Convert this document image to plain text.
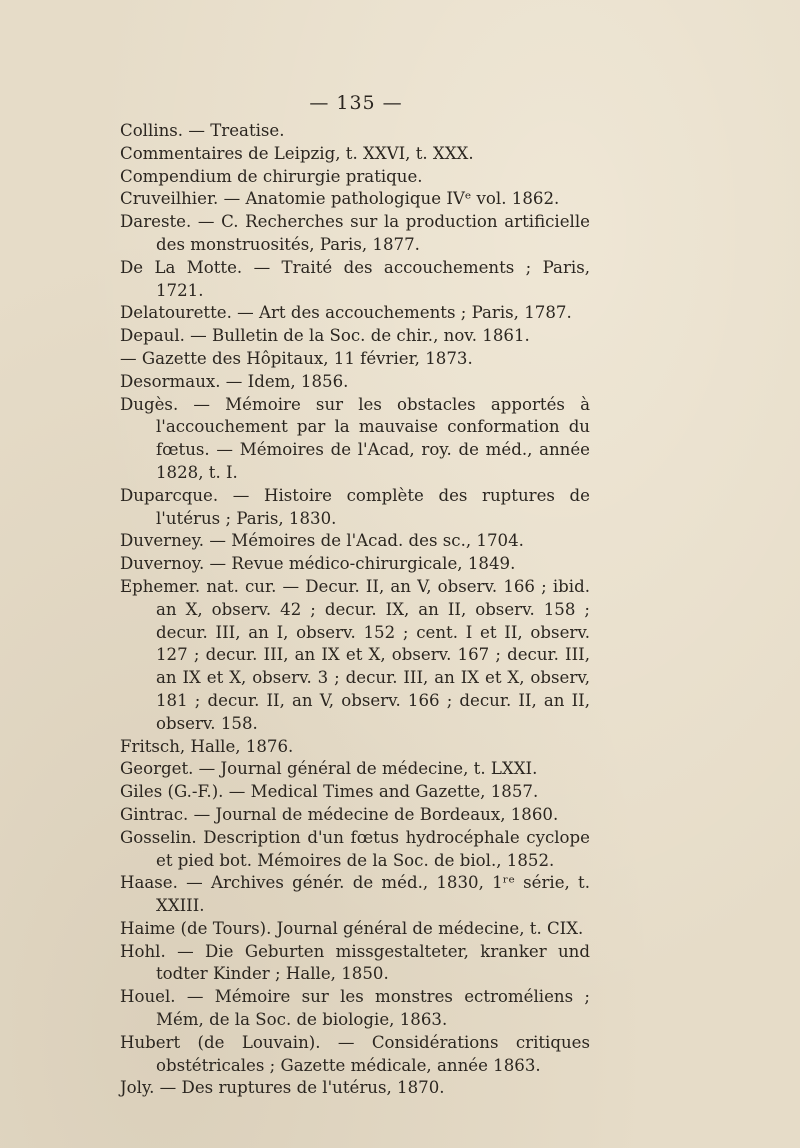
— 135 —

Collins. — Treatise.

Commentaires de Leipzig, t. XXVI, t. XXX.

Compendium de chirurgie pratique.

Cruveilhier. — Anatomie pathologique IVᵉ vol. 1862.

Dareste. — C. Recherches sur la production artificielle des monstruosités, Paris, 1877.

De La Motte. — Traité des accouchements ; Paris, 1721.

Delatourette. — Art des accouchements ; Paris, 1787.

Depaul. — Bulletin de la Soc. de chir., nov. 1861.

— Gazette des Hôpitaux, 11 février, 1873.

Desormaux. — Idem, 1856.

Dugès. — Mémoire sur les obstacles apportés à l'accouchement par la mauvaise conformation du fœtus. — Mémoires de l'Acad, roy. de méd., année 1828, t. I.

Duparcque. — Histoire complète des ruptures de l'utérus ; Paris, 1830.

Duverney. — Mémoires de l'Acad. des sc., 1704.

Duvernoy. — Revue médico-chirurgicale, 1849.

Ephemer. nat. cur. — Decur. II, an V, observ. 166 ; ibid. an X, observ. 42 ; decur. IX, an II, observ. 158 ; decur. III, an I, observ. 152 ; cent. I et II, observ. 127 ; decur. III, an IX et X, observ. 167 ; decur. III, an IX et X, observ. 3 ; decur. III, an IX et X, observ, 181 ; decur. II, an V, observ. 166 ; decur. II, an II, observ. 158.

Fritsch, Halle, 1876.

Georget. — Journal général de médecine, t. LXXI.

Giles (G.-F.). — Medical Times and Gazette, 1857.

Gintrac. — Journal de médecine de Bordeaux, 1860.

Gosselin. Description d'un fœtus hydrocéphale cyclope et pied bot. Mémoires de la Soc. de biol., 1852.

Haase. — Archives génér. de méd., 1830, 1ʳᵉ série, t. XXIII.

Haime (de Tours). Journal général de médecine, t. CIX.

Hohl. — Die Geburten missgestalteter, kranker und todter Kinder ; Halle, 1850.

Houel. — Mémoire sur les monstres ectroméliens ; Mém, de la Soc. de biologie, 1863.

Hubert (de Louvain). — Considérations critiques obstétricales ; Gazette médicale, année 1863.

Joly. — Des ruptures de l'utérus, 1870.
